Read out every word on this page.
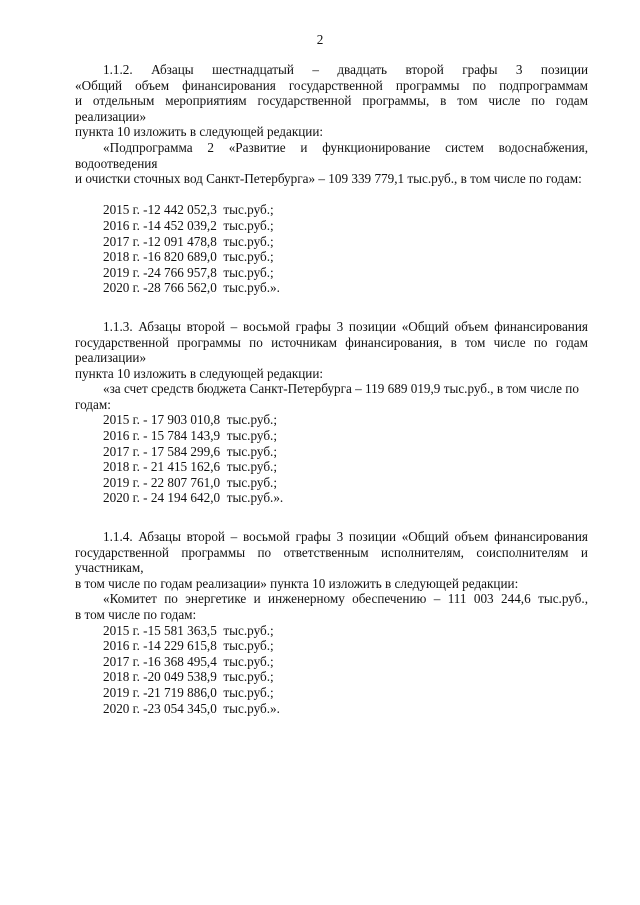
2

1.1.2. Абзацы шестнадцатый – двадцать второй графы 3 позиции

«Общий объем финансирования государственной программы по подпрограммам

и отдельным мероприятиям государственной программы, в том числе по годам реализации»

пункта 10 изложить в следующей редакции:

«Подпрограмма 2 «Развитие и функционирование систем водоснабжения, водоотведения

и очистки сточных вод Санкт-Петербурга» – 109 339 779,1 тыс.руб., в том числе по годам:

2015 г. -12 442 052,3  тыс.руб.;

2016 г. -14 452 039,2  тыс.руб.;

2017 г. -12 091 478,8  тыс.руб.;

2018 г. -16 820 689,0  тыс.руб.;

2019 г. -24 766 957,8  тыс.руб.;

2020 г. -28 766 562,0  тыс.руб.».

1.1.3. Абзацы второй – восьмой графы 3 позиции «Общий объем финансирования

государственной программы по источникам финансирования, в том числе по годам реализации»

пункта 10 изложить в следующей редакции:

«за счет средств бюджета Санкт-Петербурга – 119 689 019,9 тыс.руб., в том числе по годам:

2015 г. - 17 903 010,8  тыс.руб.;

2016 г. - 15 784 143,9  тыс.руб.;

2017 г. - 17 584 299,6  тыс.руб.;

2018 г. - 21 415 162,6  тыс.руб.;

2019 г. - 22 807 761,0  тыс.руб.;

2020 г. - 24 194 642,0  тыс.руб.».

1.1.4. Абзацы второй – восьмой графы 3 позиции «Общий объем финансирования

государственной программы по ответственным исполнителям, соисполнителям и участникам,

в том числе по годам реализации» пункта 10 изложить в следующей редакции:

«Комитет по энергетике и инженерному обеспечению – 111 003 244,6 тыс.руб.,

в том числе по годам:

2015 г. -15 581 363,5  тыс.руб.;

2016 г. -14 229 615,8  тыс.руб.;

2017 г. -16 368 495,4  тыс.руб.;

2018 г. -20 049 538,9  тыс.руб.;

2019 г. -21 719 886,0  тыс.руб.;

2020 г. -23 054 345,0  тыс.руб.».
